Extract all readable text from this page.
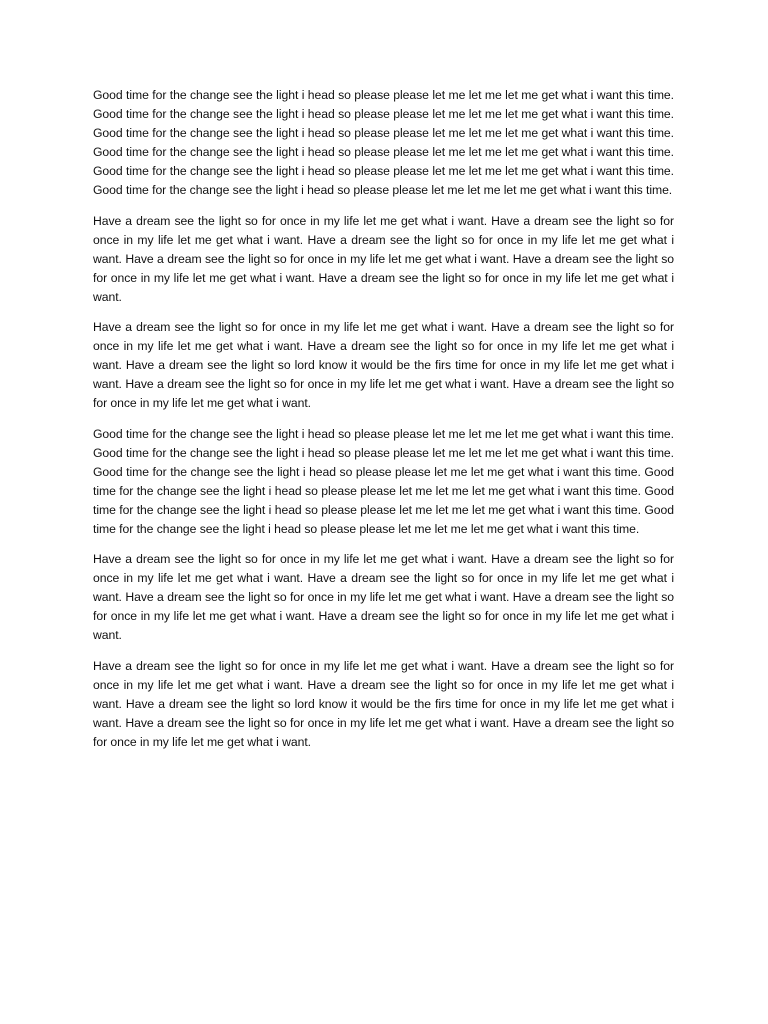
Good time for the change see the light i head so please please let me let me let me get what i want this time. Good time for the change see the light i head so please please let me let me let me get what i want this time. Good time for the change see the light i head so please please let me let me let me get what i want this time. Good time for the change see the light i head so please please let me let me let me get what i want this time. Good time for the change see the light i head so please please let me let me let me get what i want this time. Good time for the change see the light i head so please please let me let me let me get what i want this time.

Have a dream see the light so for once in my life let me get what i want. Have a dream see the light so for once in my life let me get what i want. Have a dream see the light so for once in my life let me get what i want. Have a dream see the light so for once in my life let me get what i want. Have a dream see the light so for once in my life let me get what i want. Have a dream see the light so for once in my life let me get what i want.

Have a dream see the light so for once in my life let me get what i want. Have a dream see the light so for once in my life let me get what i want. Have a dream see the light so for once in my life let me get what i want. Have a dream see the light so lord know it would be the firs time for once in my life let me get what i want. Have a dream see the light so for once in my life let me get what i want. Have a dream see the light so for once in my life let me get what i want.

Good time for the change see the light i head so please please let me let me let me get what i want this time. Good time for the change see the light i head so please please let me let me let me get what i want this time. Good time for the change see the light i head so please please let me let me get what i want this time. Good time for the change see the light i head so please please let me let me let me get what i want this time. Good time for the change see the light i head so please please let me let me let me get what i want this time. Good time for the change see the light i head so please please let me let me let me get what i want this time.

Have a dream see the light so for once in my life let me get what i want. Have a dream see the light so for once in my life let me get what i want. Have a dream see the light so for once in my life let me get what i want. Have a dream see the light so for once in my life let me get what i want. Have a dream see the light so for once in my life let me get what i want. Have a dream see the light so for once in my life let me get what i want.

Have a dream see the light so for once in my life let me get what i want. Have a dream see the light so for once in my life let me get what i want. Have a dream see the light so for once in my life let me get what i want. Have a dream see the light so lord know it would be the firs time for once in my life let me get what i want. Have a dream see the light so for once in my life let me get what i want. Have a dream see the light so for once in my life let me get what i want.
